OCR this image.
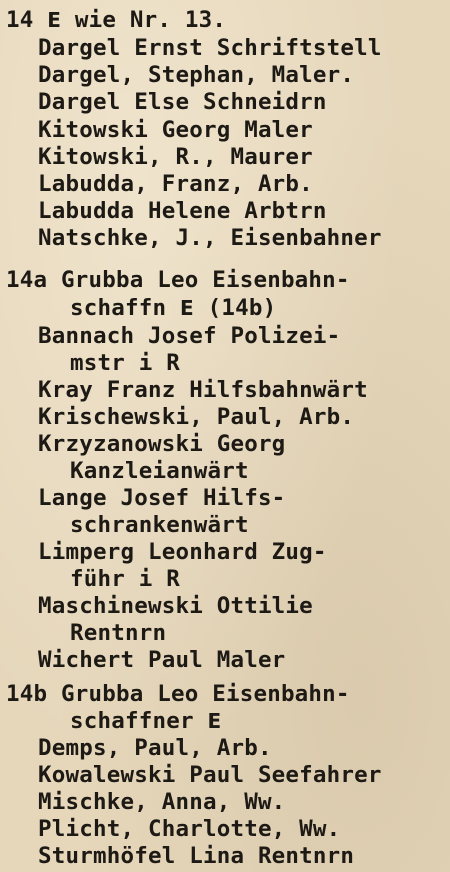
14 E wie Nr. 13.
Dargel Ernst Schriftstell
Dargel, Stephan, Maler.
Dargel Else Schneidrn
Kitowski Georg Maler
Kitowski, R., Maurer
Labudda, Franz, Arb.
Labudda Helene Arbtrn
Natschke, J., Eisenbahner
14a Grubba Leo Eisenbahn-
schaffn E (14b)
Bannach Josef Polizei-
mstr i R
Kray Franz Hilfsbahnwärt
Krischewski, Paul, Arb.
Krzyzanowski Georg
Kanzleianwärt
Lange Josef Hilfs-
schrankenwärt
Limperg Leonhard Zug-
führ i R
Maschinewski Ottilie
Rentnrn
Wichert Paul Maler
14b Grubba Leo Eisenbahn-
schaffner E
Demps, Paul, Arb.
Kowalewski Paul Seefahrer
Mischke, Anna, Ww.
Plicht, Charlotte, Ww.
Sturmhöfel Lina Rentnrn
